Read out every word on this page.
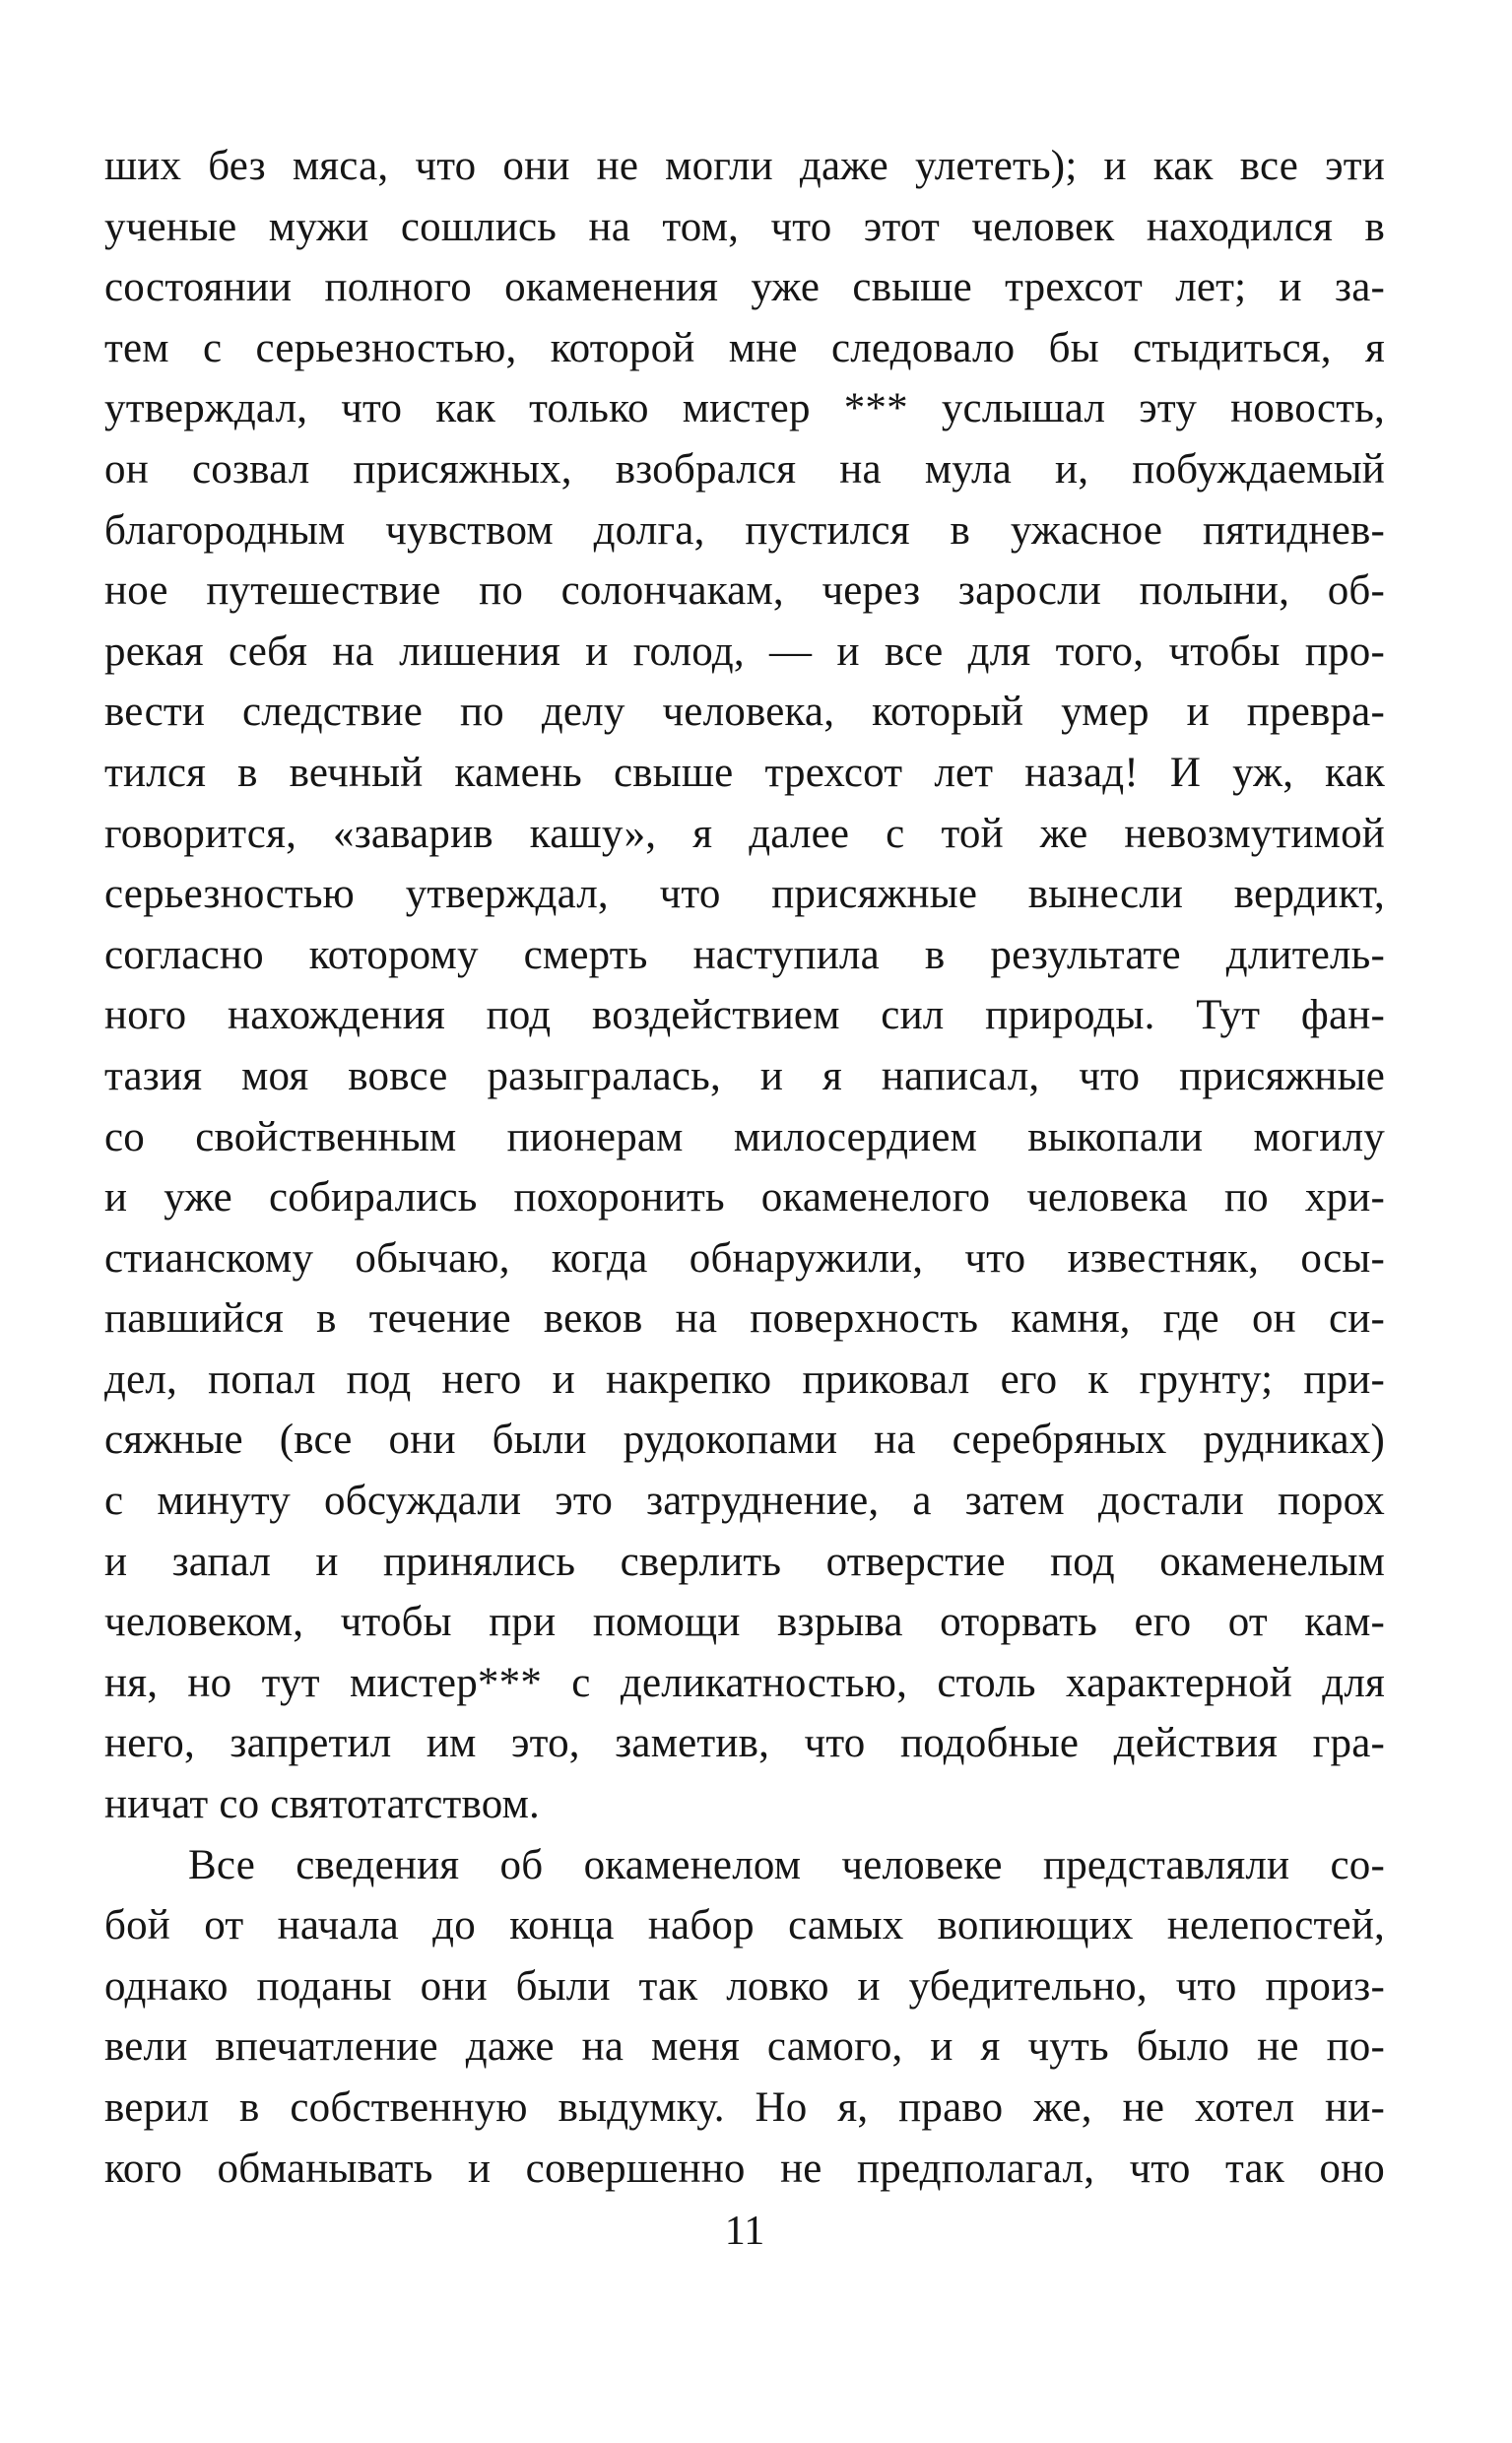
ших без мяса, что они не могли даже улететь); и как все эти
ученые мужи сошлись на том, что этот человек находился в
состоянии полного окаменения уже свыше трехсот лет; и за-
тем с серьезностью, которой мне следовало бы стыдиться, я
утверждал, что как только мистер *** услышал эту новость,
он созвал присяжных, взобрался на мула и, побуждаемый
благородным чувством долга, пустился в ужасное пятиднев-
ное путешествие по солончакам, через заросли полыни, об-
рекая себя на лишения и голод, — и все для того, чтобы про-
вести следствие по делу человека, который умер и превра-
тился в вечный камень свыше трехсот лет назад! И уж, как
говорится, «заварив кашу», я далее с той же невозмутимой
серьезностью утверждал, что присяжные вынесли вердикт,
согласно которому смерть наступила в результате длитель-
ного нахождения под воздействием сил природы. Тут фан-
тазия моя вовсе разыгралась, и я написал, что присяжные
со свойственным пионерам милосердием выкопали могилу
и уже собирались похоронить окаменелого человека по хри-
стианскому обычаю, когда обнаружили, что известняк, осы-
павшийся в течение веков на поверхность камня, где он си-
дел, попал под него и накрепко приковал его к грунту; при-
сяжные (все они были рудокопами на серебряных рудниках)
с минуту обсуждали это затруднение, а затем достали порох
и запал и принялись сверлить отверстие под окаменелым
человеком, чтобы при помощи взрыва оторвать его от кам-
ня, но тут мистер*** с деликатностью, столь характерной для
него, запретил им это, заметив, что подобные действия гра-
ничат со святотатством.
Все сведения об окаменелом человеке представляли со-
бой от начала до конца набор самых вопиющих нелепостей,
однако поданы они были так ловко и убедительно, что произ-
вели впечатление даже на меня самого, и я чуть было не по-
верил в собственную выдумку. Но я, право же, не хотел ни-
кого обманывать и совершенно не предполагал, что так оно
11
